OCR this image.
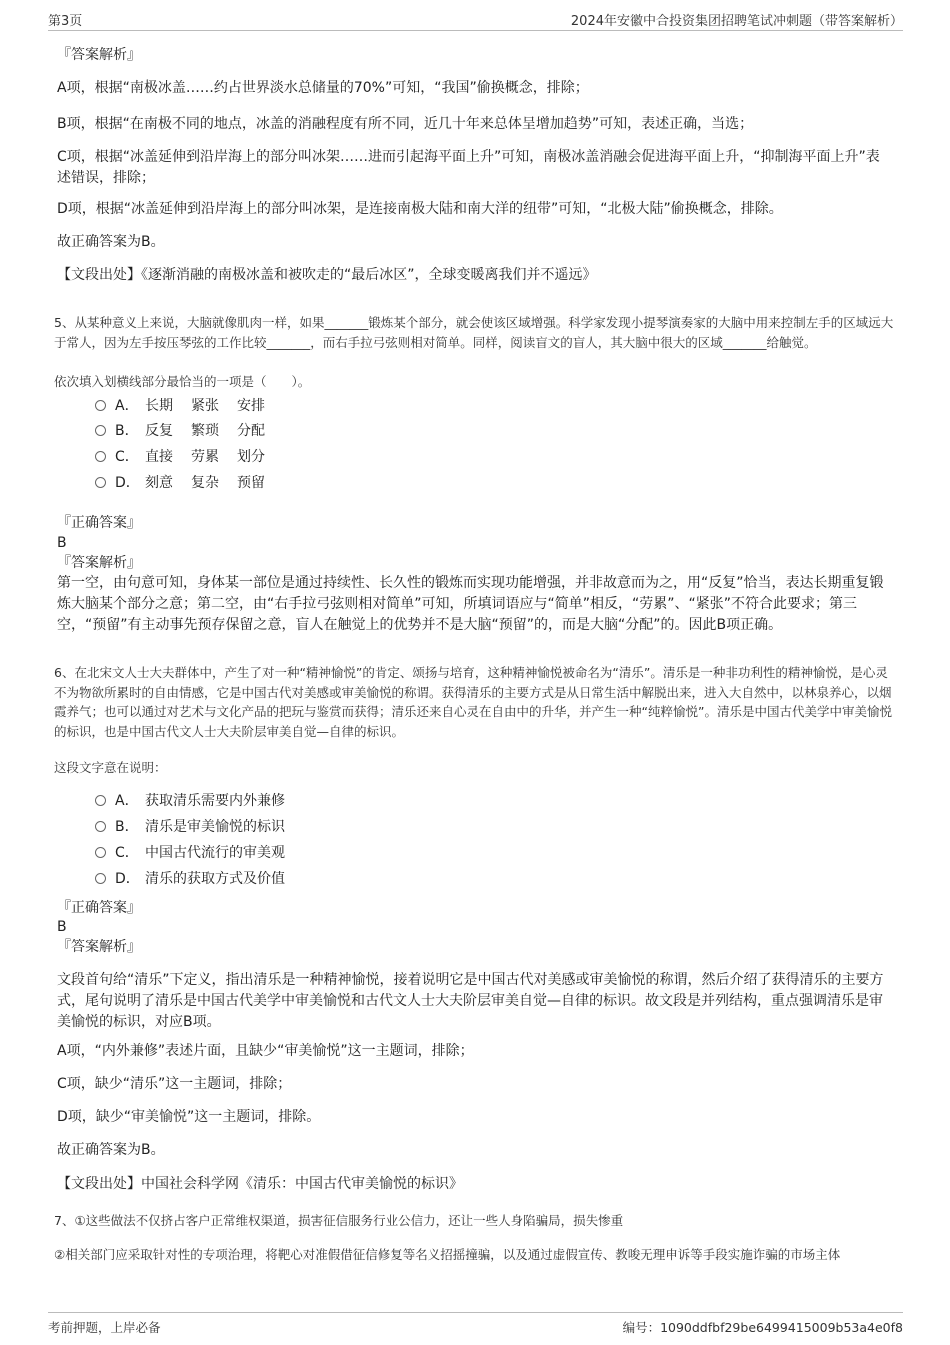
第3页	2024年安徽中合投资集团招聘笔试冲刺题（带答案解析）

『答案解析』

A项，根据“南极冰盖……约占世界淡水总储量的70%”可知，“我国”偷换概念，排除；

B项，根据“在南极不同的地点，冰盖的消融程度有所不同，近几十年来总体呈增加趋势”可知，表述正确，当选；

C项，根据“冰盖延伸到沿岸海上的部分叫冰架……进而引起海平面上升”可知，南极冰盖消融会促进海平面上升，“抑制海平面上升”表述错误，排除；

D项，根据“冰盖延伸到沿岸海上的部分叫冰架，是连接南极大陆和南大洋的纽带”可知，“北极大陆”偷换概念，排除。

故正确答案为B。

【文段出处】《逐渐消融的南极冰盖和被吹走的“最后冰区”，全球变暖离我们并不遥远》

5、从某种意义上来说，大脑就像肌肉一样，如果_______锻炼某个部分，就会使该区域增强。科学家发现小提琴演奏家的大脑中用来控制左手的区域远大于常人，因为左手按压琴弦的工作比较_______，而右手拉弓弦则相对简单。同样，阅读盲文的盲人，其大脑中很大的区域_______给触觉。

依次填入划横线部分最恰当的一项是（　　）。

A． 长期 紧张 安排
B． 反复 繁琐 分配
C． 直接 劳累 划分
D． 刻意 复杂 预留

『正确答案』

B

『答案解析』

第一空，由句意可知，身体某一部位是通过持续性、长久性的锻炼而实现功能增强，并非故意而为之，用“反复”恰当，表达长期重复锻炼大脑某个部分之意；第二空，由“右手拉弓弦则相对简单”可知，所填词语应与“简单”相反，“劳累”、“紧张”不符合此要求；第三空，“预留”有主动事先预存保留之意，盲人在触觉上的优势并不是大脑“预留”的，而是大脑“分配”的。因此B项正确。

6、在北宋文人士大夫群体中，产生了对一种“精神愉悦”的肯定、颂扬与培育，这种精神愉悦被命名为“清乐”。清乐是一种非功利性的精神愉悦，是心灵不为物欲所累时的自由情感，它是中国古代对美感或审美愉悦的称谓。获得清乐的主要方式是从日常生活中解脱出来，进入大自然中，以林泉养心，以烟霞养气；也可以通过对艺术与文化产品的把玩与鉴赏而获得；清乐还来自心灵在自由中的升华，并产生一种“纯粹愉悦”。清乐是中国古代美学中审美愉悦的标识，也是中国古代文人士大夫阶层审美自觉—自律的标识。

这段文字意在说明：

A． 获取清乐需要内外兼修
B． 清乐是审美愉悦的标识
C． 中国古代流行的审美观
D． 清乐的获取方式及价值

『正确答案』

B

『答案解析』

文段首句给“清乐”下定义，指出清乐是一种精神愉悦，接着说明它是中国古代对美感或审美愉悦的称谓，然后介绍了获得清乐的主要方式，尾句说明了清乐是中国古代美学中审美愉悦和古代文人士大夫阶层审美自觉—自律的标识。故文段是并列结构，重点强调清乐是审美愉悦的标识，对应B项。

A项，“内外兼修”表述片面，且缺少“审美愉悦”这一主题词，排除；

C项，缺少“清乐”这一主题词，排除；

D项，缺少“审美愉悦”这一主题词，排除。

故正确答案为B。

【文段出处】中国社会科学网《清乐：中国古代审美愉悦的标识》

7、①这些做法不仅挤占客户正常维权渠道，损害征信服务行业公信力，还让一些人身陷骗局，损失惨重

②相关部门应采取针对性的专项治理，将靶心对准假借征信修复等名义招摇撞骗，以及通过虚假宣传、教唆无理申诉等手段实施诈骗的市场主体

考前押题，上岸必备	编号：1090ddfbf29be6499415009b53a4e0f8
